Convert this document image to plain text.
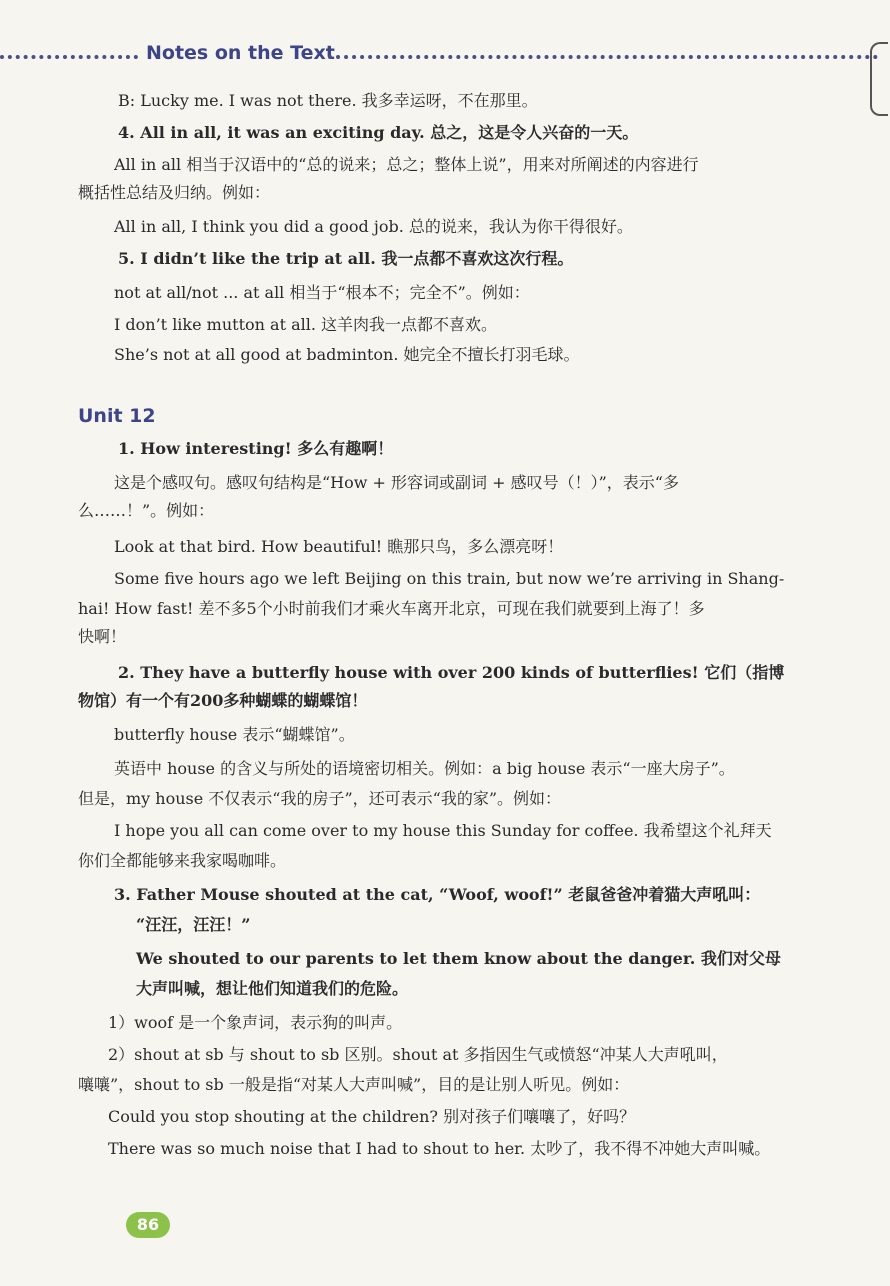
Notes on the Text
B: Lucky me. I was not there. 我多幸运呀，不在那里。
4. All in all, it was an exciting day. 总之，这是令人兴奋的一天。
All in all 相当于汉语中的“总的说来；总之；整体上说”，用来对所阐述的内容进行
概括性总结及归纳。例如：
All in all, I think you did a good job. 总的说来，我认为你干得很好。
5. I didn’t like the trip at all. 我一点都不喜欢这次行程。
not at all/not ... at all 相当于“根本不；完全不”。例如：
I don’t like mutton at all. 这羊肉我一点都不喜欢。
She’s not at all good at badminton. 她完全不擅长打羽毛球。
Unit 12
1. How interesting! 多么有趣啊！
这是个感叹句。感叹句结构是“How + 形容词或副词 + 感叹号（！）”，表示“多
么……！”。例如：
Look at that bird. How beautiful! 瞧那只鸟，多么漂亮呀！
Some five hours ago we left Beijing on this train, but now we’re arriving in Shang-
hai! How fast! 差不多5个小时前我们才乘火车离开北京，可现在我们就要到上海了！多
快啊！
2. They have a butterfly house with over 200 kinds of butterflies! 它们（指博
物馆）有一个有200多种蝴蝶的蝴蝶馆！
butterfly house 表示“蝴蝶馆”。
英语中 house 的含义与所处的语境密切相关。例如：a big house 表示“一座大房子”。
但是，my house 不仅表示“我的房子”，还可表示“我的家”。例如：
I hope you all can come over to my house this Sunday for coffee. 我希望这个礼拜天
你们全都能够来我家喝咖啡。
3. Father Mouse shouted at the cat, “Woof, woof!” 老鼠爸爸冲着猫大声吼叫：
“汪汪，汪汪！”
We shouted to our parents to let them know about the danger. 我们对父母
大声叫喊，想让他们知道我们的危险。
1）woof 是一个象声词，表示狗的叫声。
2）shout at sb 与 shout to sb 区别。shout at 多指因生气或愤怒“冲某人大声吼叫，
嚷嚷”，shout to sb 一般是指“对某人大声叫喊”，目的是让别人听见。例如：
Could you stop shouting at the children? 别对孩子们嚷嚷了，好吗？
There was so much noise that I had to shout to her. 太吵了，我不得不冲她大声叫喊。
86
